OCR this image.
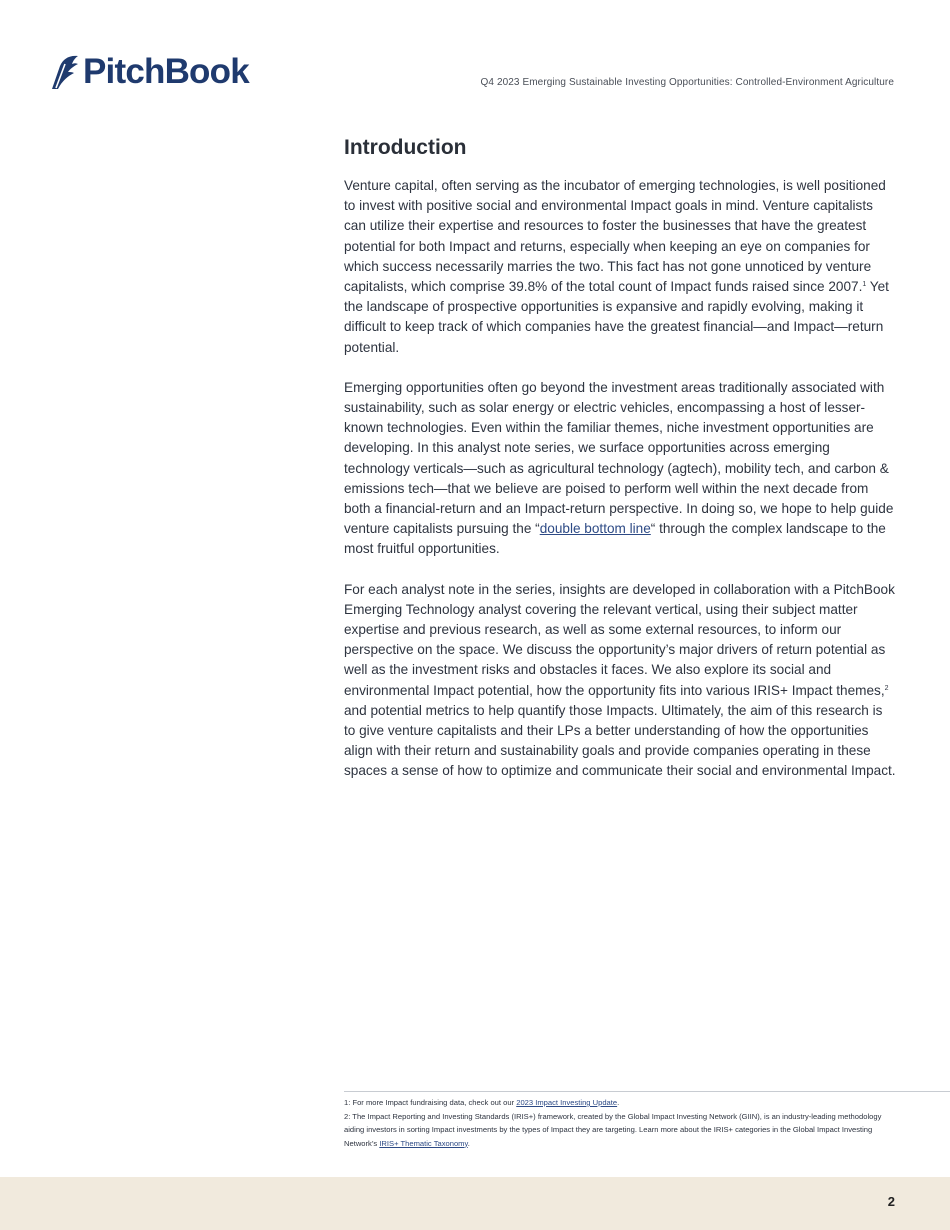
PitchBook	Q4 2023 Emerging Sustainable Investing Opportunities: Controlled-Environment Agriculture
Introduction

Venture capital, often serving as the incubator of emerging technologies, is well positioned to invest with positive social and environmental Impact goals in mind. Venture capitalists can utilize their expertise and resources to foster the businesses that have the greatest potential for both Impact and returns, especially when keeping an eye on companies for which success necessarily marries the two. This fact has not gone unnoticed by venture capitalists, which comprise 39.8% of the total count of Impact funds raised since 2007.$^1$ Yet the landscape of prospective opportunities is expansive and rapidly evolving, making it difficult to keep track of which companies have the greatest financial—and Impact—return potential.

Emerging opportunities often go beyond the investment areas traditionally associated with sustainability, such as solar energy or electric vehicles, encompassing a host of lesser-known technologies. Even within the familiar themes, niche investment opportunities are developing. In this analyst note series, we surface opportunities across emerging technology verticals—such as agricultural technology (agtech), mobility tech, and carbon & emissions tech—that we believe are poised to perform well within the next decade from both a financial-return and an Impact-return perspective. In doing so, we hope to help guide venture capitalists pursuing the “double bottom line“ through the complex landscape to the most fruitful opportunities.

For each analyst note in the series, insights are developed in collaboration with a PitchBook Emerging Technology analyst covering the relevant vertical, using their subject matter expertise and previous research, as well as some external resources, to inform our perspective on the space. We discuss the opportunity’s major drivers of return potential as well as the investment risks and obstacles it faces. We also explore its social and environmental Impact potential, how the opportunity fits into various IRIS+ Impact themes,$^2$ and potential metrics to help quantify those Impacts. Ultimately, the aim of this research is to give venture capitalists and their LPs a better understanding of how the opportunities align with their return and sustainability goals and provide companies operating in these spaces a sense of how to optimize and communicate their social and environmental Impact.

1: For more Impact fundraising data, check out our 2023 Impact Investing Update.
2: The Impact Reporting and Investing Standards (IRIS+) framework, created by the Global Impact Investing Network (GIIN), is an industry-leading methodology aiding investors in sorting Impact investments by the types of Impact they are targeting. Learn more about the IRIS+ categories in the Global Impact Investing Network’s IRIS+ Thematic Taxonomy.
2
